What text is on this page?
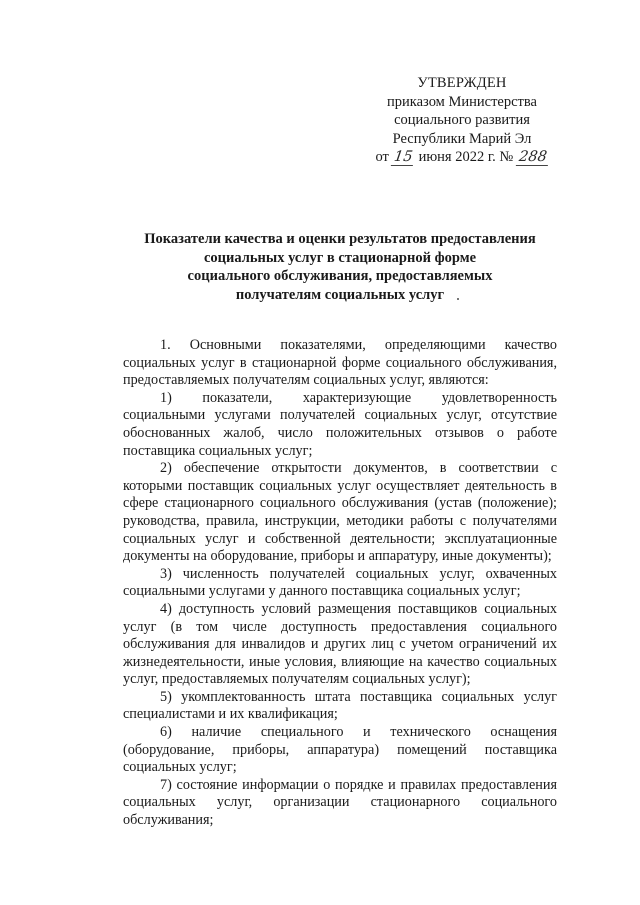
УТВЕРЖДЕН
приказом Министерства
социального развития
Республики Марий Эл
от 15 июня 2022 г. № 288
Показатели качества и оценки результатов предоставления
социальных услуг в стационарной форме
социального обслуживания, предоставляемых
получателям социальных услуг

1. Основными показателями, определяющими качество социальных услуг в стационарной форме социального обслуживания, предоставляемых получателям социальных услуг, являются:

1) показатели, характеризующие удовлетворенность социальными услугами получателей социальных услуг, отсутствие обоснованных жалоб, число положительных отзывов о работе поставщика социальных услуг;

2) обеспечение открытости документов, в соответствии с которыми поставщик социальных услуг осуществляет деятельность в сфере стационарного социального обслуживания (устав (положение); руководства, правила, инструкции, методики работы с получателями социальных услуг и собственной деятельности; эксплуатационные документы на оборудование, приборы и аппаратуру, иные документы);

3) численность получателей социальных услуг, охваченных социальными услугами у данного поставщика социальных услуг;

4) доступность условий размещения поставщиков социальных услуг (в том числе доступность предоставления социального обслуживания для инвалидов и других лиц с учетом ограничений их жизнедеятельности, иные условия, влияющие на качество социальных услуг, предоставляемых получателям социальных услуг);

5) укомплектованность штата поставщика социальных услуг специалистами и их квалификация;

6) наличие специального и технического оснащения (оборудование, приборы, аппаратура) помещений поставщика социальных услуг;

7) состояние информации о порядке и правилах предоставления социальных услуг, организации стационарного социального обслуживания;
